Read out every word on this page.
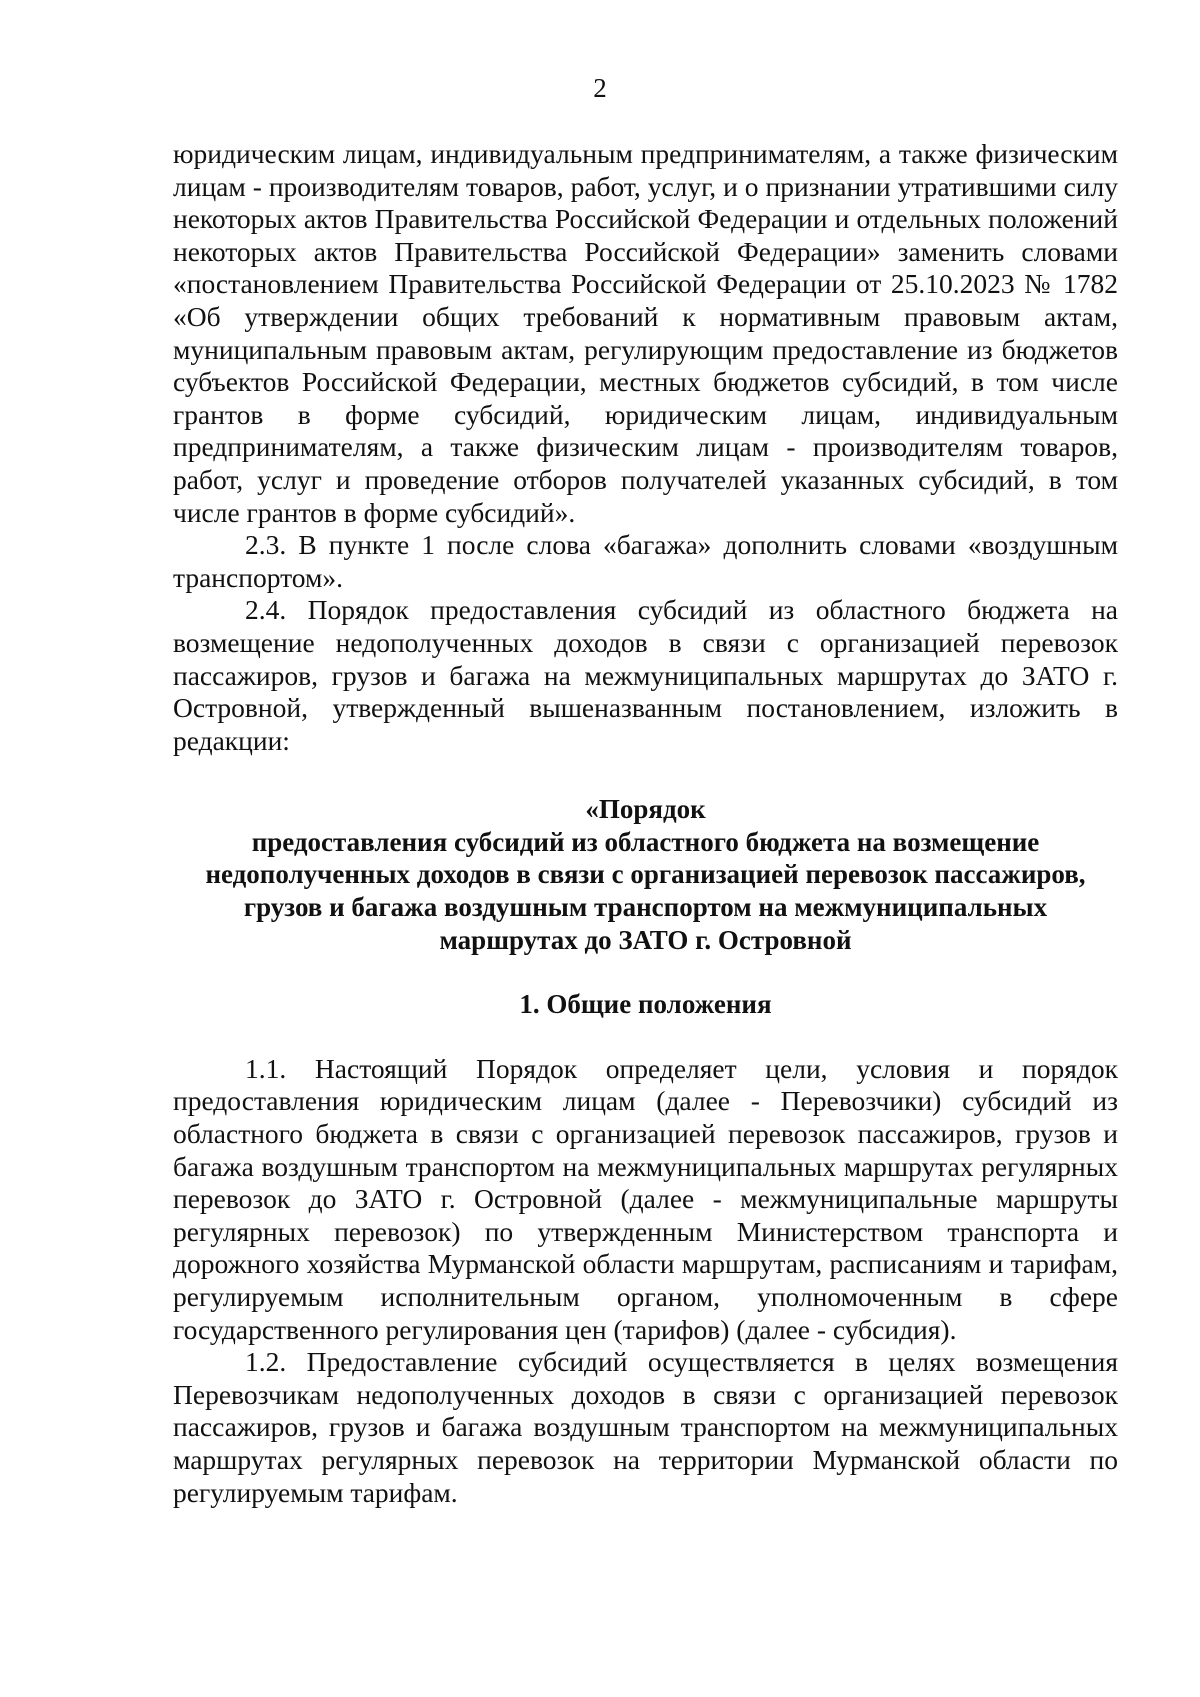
2

юридическим лицам, индивидуальным предпринимателям, а также физическим лицам - производителям товаров, работ, услуг, и о признании утратившими силу некоторых актов Правительства Российской Федерации и отдельных положений некоторых актов Правительства Российской Федерации» заменить словами «постановлением Правительства Российской Федерации от 25.10.2023 № 1782 «Об утверждении общих требований к нормативным правовым актам, муниципальным правовым актам, регулирующим предоставление из бюджетов субъектов Российской Федерации, местных бюджетов субсидий, в том числе грантов в форме субсидий, юридическим лицам, индивидуальным предпринимателям, а также физическим лицам - производителям товаров, работ, услуг и проведение отборов получателей указанных субсидий, в том числе грантов в форме субсидий».

2.3. В пункте 1 после слова «багажа» дополнить словами «воздушным транспортом».

2.4. Порядок предоставления субсидий из областного бюджета на возмещение недополученных доходов в связи с организацией перевозок пассажиров, грузов и багажа на межмуниципальных маршрутах до ЗАТО г. Островной, утвержденный вышеназванным постановлением, изложить в редакции:

«Порядок

предоставления субсидий из областного бюджета на возмещение

недополученных доходов в связи с организацией перевозок пассажиров,

грузов и багажа воздушным транспортом на межмуниципальных

маршрутах до ЗАТО г. Островной

1. Общие положения

1.1. Настоящий Порядок определяет цели, условия и порядок предоставления юридическим лицам (далее - Перевозчики) субсидий из областного бюджета в связи с организацией перевозок пассажиров, грузов и багажа воздушным транспортом на межмуниципальных маршрутах регулярных перевозок до ЗАТО г. Островной (далее - межмуниципальные маршруты регулярных перевозок) по утвержденным Министерством транспорта и дорожного хозяйства Мурманской области маршрутам, расписаниям и тарифам, регулируемым исполнительным органом, уполномоченным в сфере государственного регулирования цен (тарифов) (далее - субсидия).

1.2. Предоставление субсидий осуществляется в целях возмещения Перевозчикам недополученных доходов в связи с организацией перевозок пассажиров, грузов и багажа воздушным транспортом на межмуниципальных маршрутах регулярных перевозок на территории Мурманской области по регулируемым тарифам.
